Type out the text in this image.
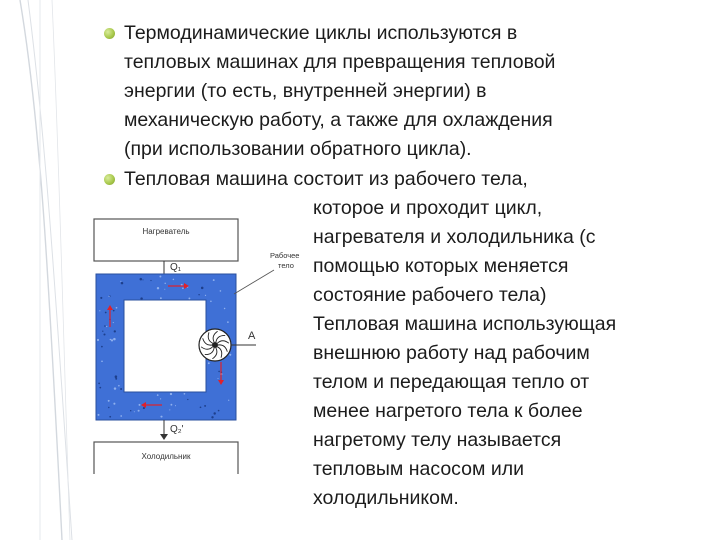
Термодинамические циклы используются в
тепловых машинах для превращения тепловой
энергии (то есть, внутренней энергии) в
механическую работу, а также для охлаждения
(при использовании обратного цикла).
Тепловая машина состоит из рабочего тела,
которое и проходит цикл,
нагревателя и холодильника (с
помощью которых меняется
состояние рабочего тела)
Тепловая машина использующая
внешнюю работу над рабочим
телом и передающая тепло от
менее нагретого тела к более
нагретому телу называется
тепловым насосом или
холодильником.
Нагреватель
Q₁
A
Рабочее
тело
Q₂'
Холодильник
